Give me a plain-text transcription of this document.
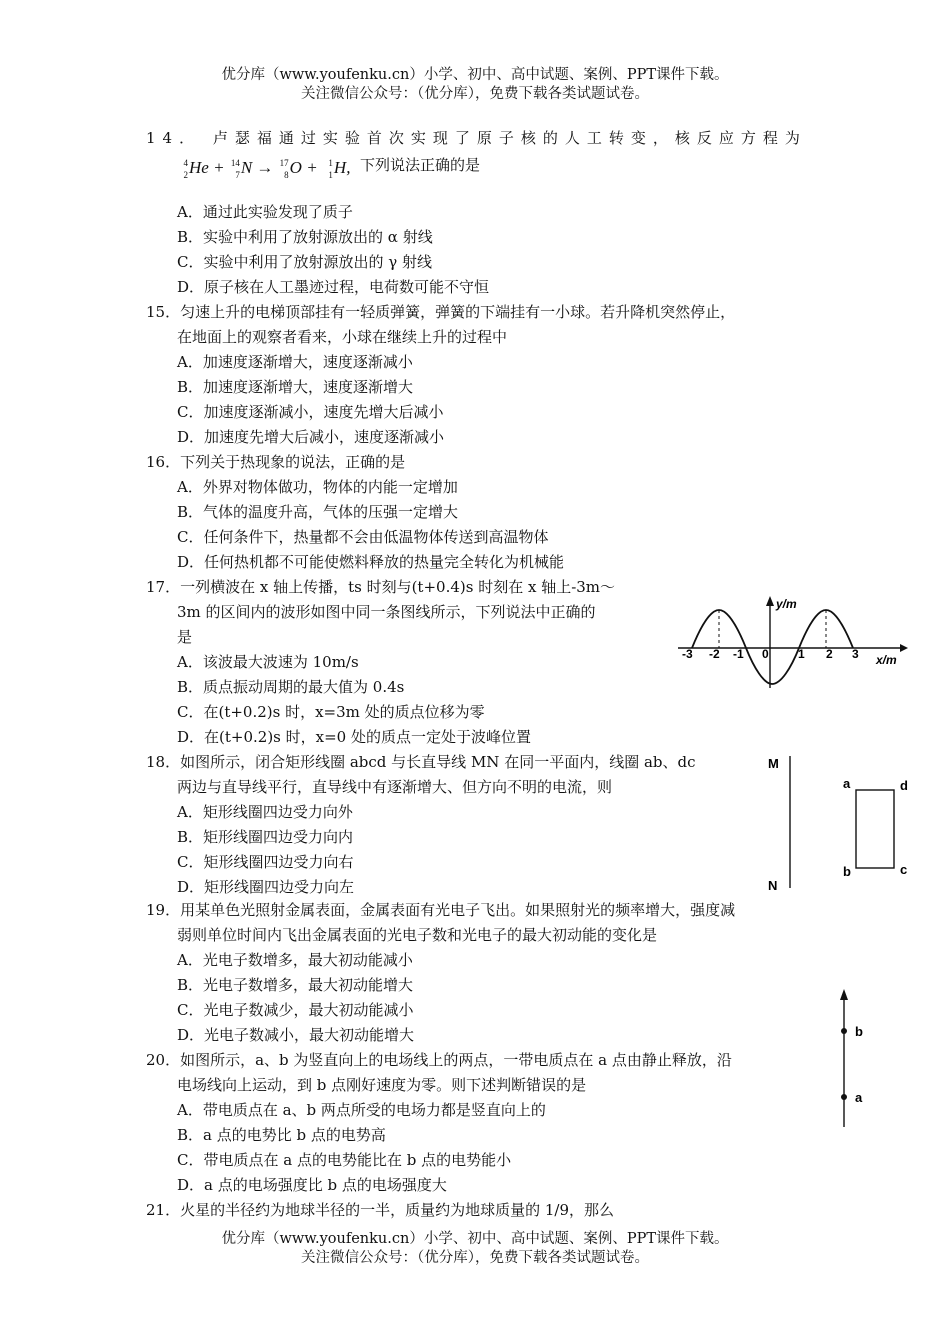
优分库（www.youfenku.cn）小学、初中、高中试题、案例、PPT课件下载。
关注微信公众号：（优分库），免费下载各类试题试卷。
14． 卢瑟福通过实验首次实现了原子核的人工转变，核反应方程为
4
2 He + 14
7 N → 17
8 O + 1
1 H, 下列说法正确的是
A．通过此实验发现了质子
B．实验中利用了放射源放出的 α 射线
C．实验中利用了放射源放出的 γ 射线
D．原子核在人工墨迹过程，电荷数可能不守恒
15．匀速上升的电梯顶部挂有一轻质弹簧，弹簧的下端挂有一小球。若升降机突然停止，
在地面上的观察者看来，小球在继续上升的过程中
A．加速度逐渐增大，速度逐渐减小
B．加速度逐渐增大，速度逐渐增大
C．加速度逐渐减小，速度先增大后减小
D．加速度先增大后减小，速度逐渐减小
16．下列关于热现象的说法，正确的是
A．外界对物体做功，物体的内能一定增加
B．气体的温度升高，气体的压强一定增大
C．任何条件下，热量都不会由低温物体传送到高温物体
D．任何热机都不可能使燃料释放的热量完全转化为机械能
17．一列横波在 x 轴上传播，ts 时刻与(t+0.4)s 时刻在 x 轴上-3m～
3m 的区间内的波形如图中同一条图线所示，下列说法中正确的
是
A．该波最大波速为 10m/s
B．质点振动周期的最大值为 0.4s
C．在(t+0.2)s 时，x=3m 处的质点位移为零
D．在(t+0.2)s 时，x=0 处的质点一定处于波峰位置
y/m
x/m
-3 -2 -1 0 1 2 3
18．如图所示，闭合矩形线圈 abcd 与长直导线 MN 在同一平面内，线圈 ab、dc
两边与直导线平行，直导线中有逐渐增大、但方向不明的电流，则
A．矩形线圈四边受力向外
B．矩形线圈四边受力向内
C．矩形线圈四边受力向右
D．矩形线圈四边受力向左
M
N
a	d
b	c
19．用某单色光照射金属表面，金属表面有光电子飞出。如果照射光的频率增大，强度减
弱则单位时间内飞出金属表面的光电子数和光电子的最大初动能的变化是
A．光电子数增多，最大初动能减小
B．光电子数增多，最大初动能增大
C．光电子数减少，最大初动能减小
D．光电子数减小，最大初动能增大	b
a
20．如图所示，a、b 为竖直向上的电场线上的两点，一带电质点在 a 点由静止释放，沿
电场线向上运动，到 b 点刚好速度为零。则下述判断错误的是
A．带电质点在 a、b 两点所受的电场力都是竖直向上的
B．a 点的电势比 b 点的电势高
C．带电质点在 a 点的电势能比在 b 点的电势能小
D．a 点的电场强度比 b 点的电场强度大
21．火星的半径约为地球半径的一半，质量约为地球质量的 1/9，那么
优分库（www.youfenku.cn）小学、初中、高中试题、案例、PPT课件下载。
关注微信公众号：（优分库），免费下载各类试题试卷。
